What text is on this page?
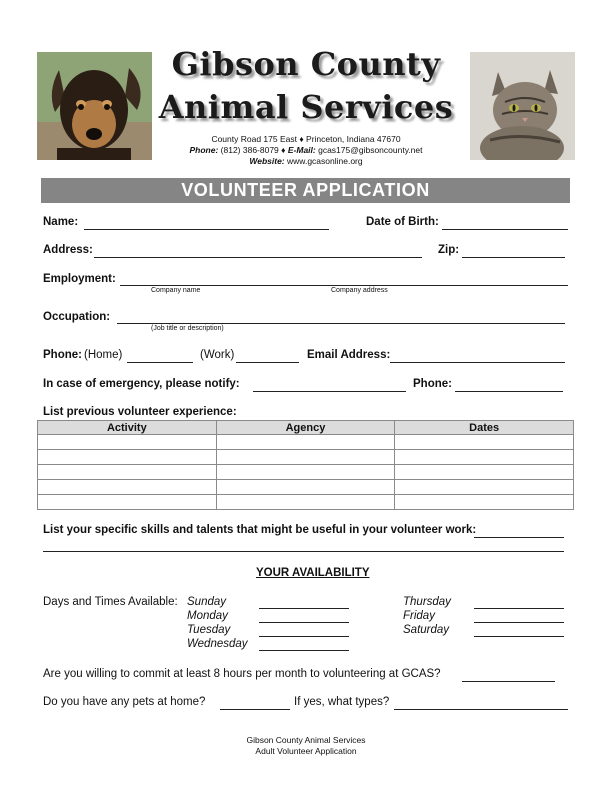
Gibson County
Animal Services
County Road 175 East ♦ Princeton, Indiana 47670
Phone: (812) 386-8079 ♦ E-Mail: gcas175@gibsoncounty.net
Website: www.gcasonline.org
VOLUNTEER APPLICATION
Name:	Date of Birth:
Address:	Zip:
Employment:
Company name	Company address
Occupation:
(Job title or description)
Phone: (Home)	(Work)	Email Address:
In case of emergency, please notify:	Phone:
List previous volunteer experience:
Activity	Agency	Dates

List your specific skills and talents that might be useful in your volunteer work:
YOUR AVAILABILITY
Days and Times Available: Sunday
Monday
Tuesday
Wednesday
Thursday
Friday
Saturday
Are you willing to commit at least 8 hours per month to volunteering at GCAS?
Do you have any pets at home?	If yes, what types?
Gibson County Animal Services
Adult Volunteer Application
